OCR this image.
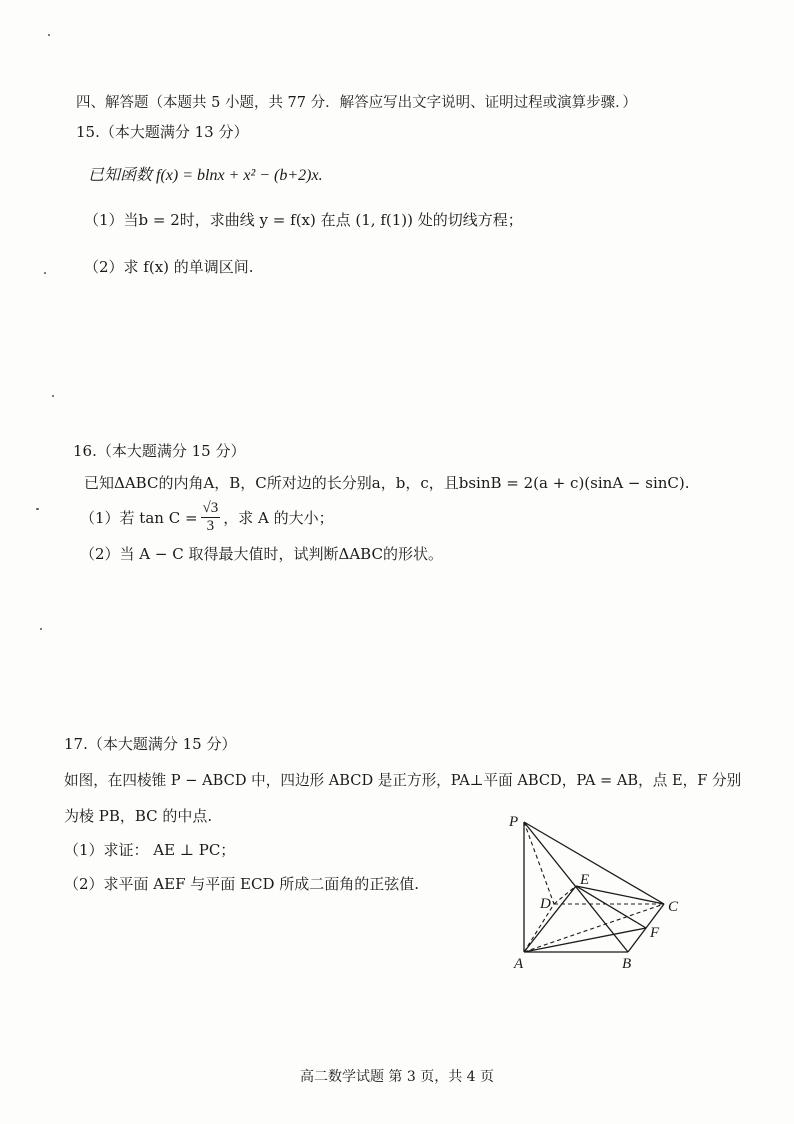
四、解答题（本题共 5 小题，共 77 分．解答应写出文字说明、证明过程或演算步骤．）
15.（本大题满分 13 分）
已知函数 f(x) = blnx + x² − (b+2)x.
（1）当b = 2时，求曲线 y = f(x) 在点 (1, f(1)) 处的切线方程；
（2）求 f(x) 的单调区间.
16.（本大题满分 15 分）
已知ΔABC的内角A，B，C所对边的长分别a，b，c，且bsinB = 2(a + c)(sinA − sinC).
（1）若 $\tan C = \frac{√3}{3}$ ，求 A 的大小；
（2）当 A − C 取得最大值时，试判断ΔABC的形状。
17.（本大题满分 15 分）
如图，在四棱锥 P − ABCD 中，四边形 ABCD 是正方形，PA⊥平面 ABCD，PA = AB，点 E，F 分别
为棱 PB，BC 的中点.
（1）求证： AE ⊥ PC；
（2）求平面 AEF 与平面 ECD 所成二面角的正弦值.
P
E
D	C
F
A	B
高二数学试题 第 3 页，共 4 页
